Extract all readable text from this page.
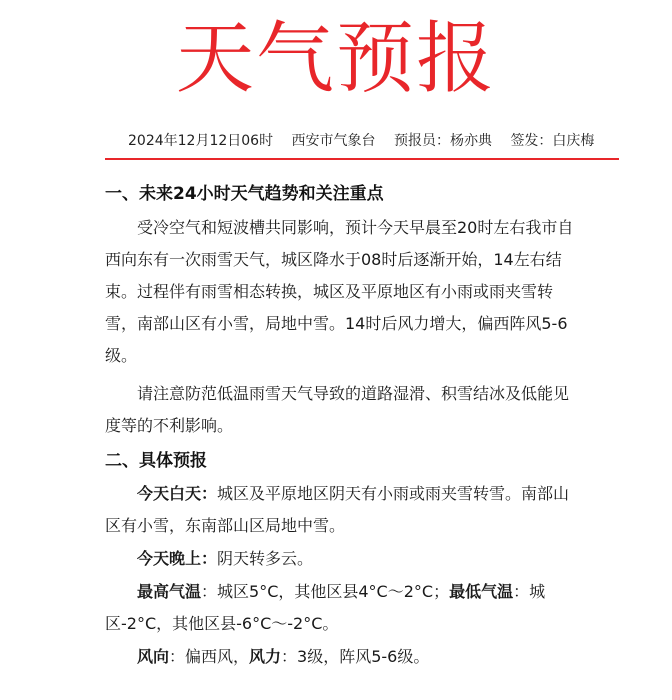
天气预报
2024年12月12日06时 西安市气象台 预报员：杨亦典 签发：白庆梅
一、未来24小时天气趋势和关注重点
受冷空气和短波槽共同影响，预计今天早晨至20时左右我市自西向东有一次雨雪天气，城区降水于08时后逐渐开始，14左右结束。过程伴有雨雪相态转换，城区及平原地区有小雨或雨夹雪转雪，南部山区有小雪，局地中雪。14时后风力增大，偏西阵风5-6级。
请注意防范低温雨雪天气导致的道路湿滑、积雪结冰及低能见度等的不利影响。
二、具体预报
今天白天：城区及平原地区阴天有小雨或雨夹雪转雪。南部山区有小雪，东南部山区局地中雪。
今天晚上：阴天转多云。
最高气温：城区5°C，其他区县4°C～2°C；最低气温：城区-2°C，其他区县-6°C～-2°C。
风向：偏西风，风力：3级，阵风5-6级。
